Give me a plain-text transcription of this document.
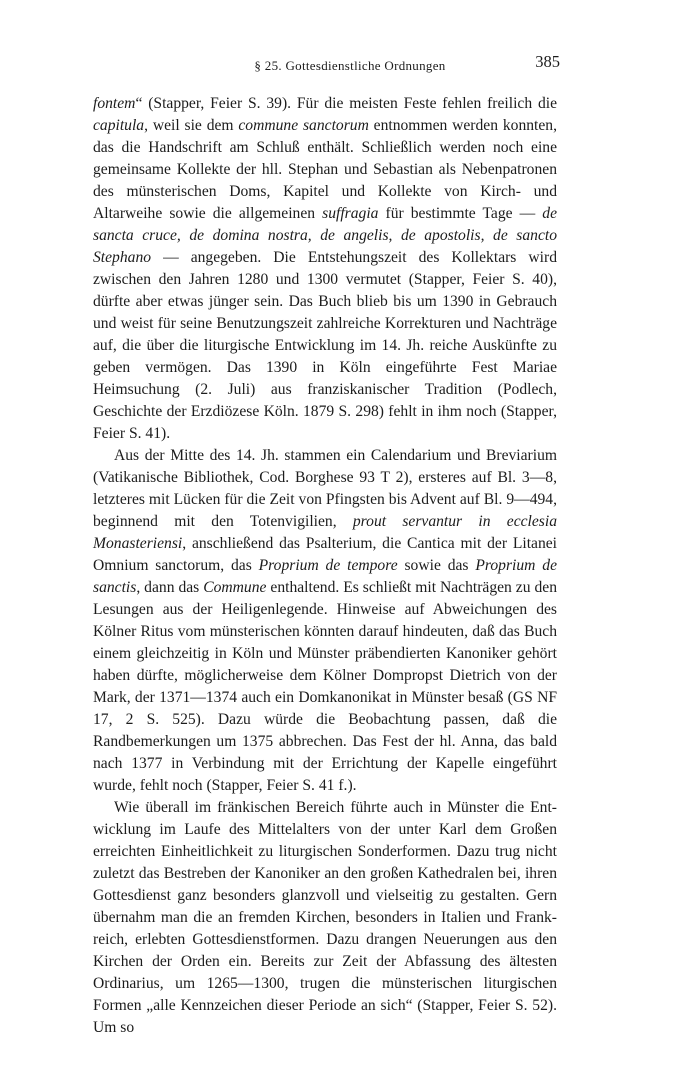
§ 25. Gottesdienstliche Ordnungen	385

fontem“ (Stapper, Feier S. 39). Für die meisten Feste fehlen freilich die capitula, weil sie dem commune sanctorum entnommen werden konnten, das die Handschrift am Schluß enthält. Schließlich werden noch eine gemeinsame Kollekte der hll. Stephan und Sebastian als Nebenpatronen des münsterischen Doms, Kapitel und Kollekte von Kirch- und Altarweihe sowie die allgemeinen suffragia für bestimmte Tage — de sancta cruce, de domina nostra, de angelis, de apostolis, de sancto Stephano — angegeben. Die Entstehungszeit des Kollektars wird zwischen den Jahren 1280 und 1300 vermutet (Stapper, Feier S. 40), dürfte aber etwas jünger sein. Das Buch blieb bis um 1390 in Gebrauch und weist für seine Benutzungszeit zahlreiche Korrekturen und Nachträge auf, die über die liturgische Entwicklung im 14. Jh. reiche Auskünfte zu geben vermögen. Das 1390 in Köln eingeführte Fest Mariae Heimsuchung (2. Juli) aus franziskanischer Tradition (Podlech, Geschichte der Erzdiözese Köln. 1879 S. 298) fehlt in ihm noch (Stapper, Feier S. 41).

Aus der Mitte des 14. Jh. stammen ein Calendarium und Breviarium (Vatikanische Bibliothek, Cod. Borghese 93 T 2), ersteres auf Bl. 3—8, letzteres mit Lücken für die Zeit von Pfingsten bis Advent auf Bl. 9—494, beginnend mit den Totenvigilien, prout servantur in ecclesia Monasteriensi, anschließend das Psalterium, die Cantica mit der Litanei Omnium sanctorum, das Proprium de tempore sowie das Proprium de sanctis, dann das Commune enthaltend. Es schließt mit Nachträgen zu den Lesungen aus der Heiligenlegende. Hinweise auf Abweichungen des Kölner Ritus vom münsterischen könnten darauf hindeuten, daß das Buch einem gleichzeitig in Köln und Münster präbendierten Kanoniker gehört haben dürfte, möglicherweise dem Kölner Dompropst Dietrich von der Mark, der 1371—1374 auch ein Domkanonikat in Münster besaß (GS NF 17, 2 S. 525). Dazu würde die Beobachtung passen, daß die Randbemerkungen um 1375 abbrechen. Das Fest der hl. Anna, das bald nach 1377 in Verbindung mit der Errichtung der Kapelle eingeführt wurde, fehlt noch (Stapper, Feier S. 41 f.).

Wie überall im fränkischen Bereich führte auch in Münster die Entwicklung im Laufe des Mittelalters von der unter Karl dem Großen erreichten Einheitlichkeit zu liturgischen Sonderformen. Dazu trug nicht zuletzt das Bestreben der Kanoniker an den großen Kathedralen bei, ihren Gottesdienst ganz besonders glanzvoll und vielseitig zu gestalten. Gern übernahm man die an fremden Kirchen, besonders in Italien und Frankreich, erlebten Gottesdienstformen. Dazu drangen Neuerungen aus den Kirchen der Orden ein. Bereits zur Zeit der Abfassung des ältesten Ordinarius, um 1265—1300, trugen die münsterischen liturgischen Formen „alle Kennzeichen dieser Periode an sich“ (Stapper, Feier S. 52). Um so
